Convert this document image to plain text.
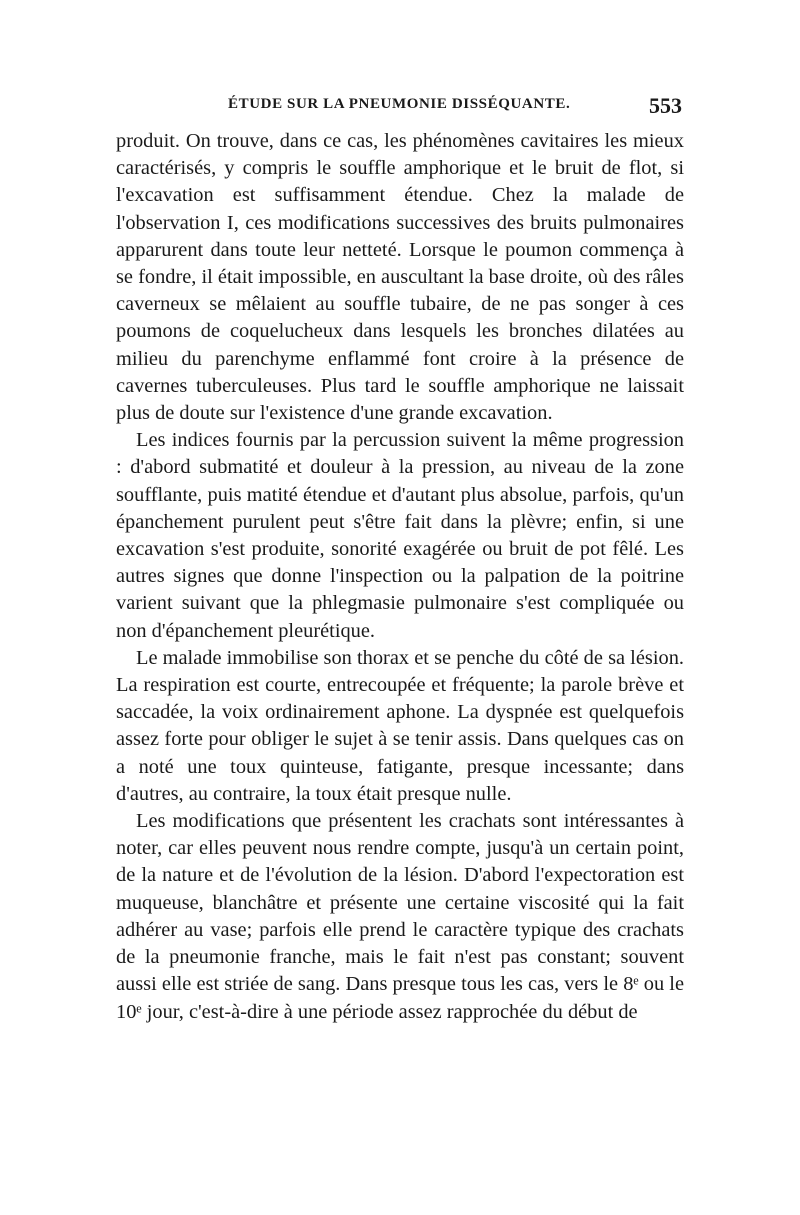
ÉTUDE SUR LA PNEUMONIE DISSÉQUANTE.	553

produit. On trouve, dans ce cas, les phénomènes cavitaires les mieux caractérisés, y compris le souffle amphorique et le bruit de flot, si l'excavation est suffisamment étendue. Chez la malade de l'observation I, ces modifications successives des bruits pulmonaires apparurent dans toute leur netteté. Lorsque le poumon commença à se fondre, il était impossible, en auscultant la base droite, où des râles caverneux se mêlaient au souffle tubaire, de ne pas songer à ces poumons de coquelucheux dans lesquels les bronches dilatées au milieu du parenchyme enflammé font croire à la présence de cavernes tuberculeuses. Plus tard le souffle amphorique ne laissait plus de doute sur l'existence d'une grande excavation.

Les indices fournis par la percussion suivent la même progression : d'abord submatité et douleur à la pression, au niveau de la zone soufflante, puis matité étendue et d'autant plus absolue, parfois, qu'un épanchement purulent peut s'être fait dans la plèvre; enfin, si une excavation s'est produite, sonorité exagérée ou bruit de pot fêlé. Les autres signes que donne l'inspection ou la palpation de la poitrine varient suivant que la phlegmasie pulmonaire s'est compliquée ou non d'épanchement pleurétique.

Le malade immobilise son thorax et se penche du côté de sa lésion. La respiration est courte, entrecoupée et fréquente; la parole brève et saccadée, la voix ordinairement aphone. La dyspnée est quelquefois assez forte pour obliger le sujet à se tenir assis. Dans quelques cas on a noté une toux quinteuse, fatigante, presque incessante; dans d'autres, au contraire, la toux était presque nulle.

Les modifications que présentent les crachats sont intéressantes à noter, car elles peuvent nous rendre compte, jusqu'à un certain point, de la nature et de l'évolution de la lésion. D'abord l'expectoration est muqueuse, blanchâtre et présente une certaine viscosité qui la fait adhérer au vase; parfois elle prend le caractère typique des crachats de la pneumonie franche, mais le fait n'est pas constant; souvent aussi elle est striée de sang. Dans presque tous les cas, vers le 8ᵉ ou le 10ᵉ jour, c'est-à-dire à une période assez rapprochée du début de
